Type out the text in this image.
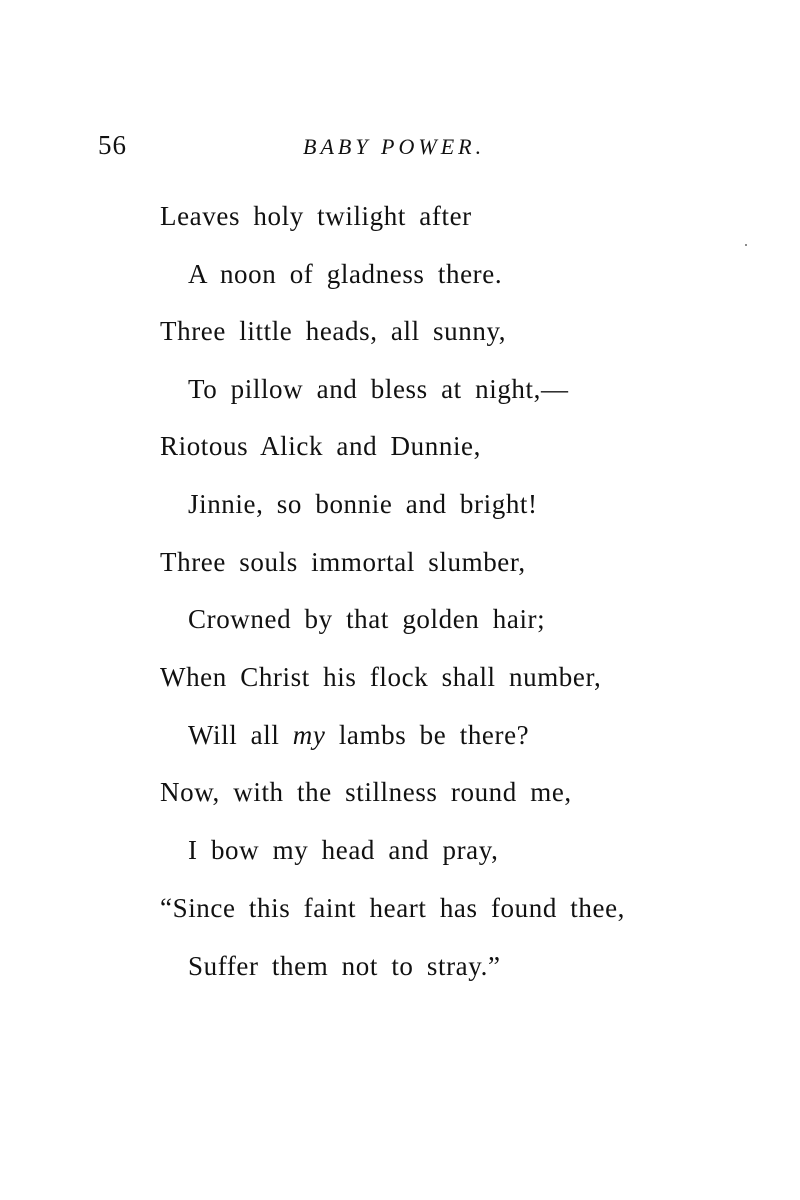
56	BABY POWER.
Leaves holy twilight after
A noon of gladness there.
Three little heads, all sunny,
To pillow and bless at night,—
Riotous Alick and Dunnie,
Jinnie, so bonnie and bright!
Three souls immortal slumber,
Crowned by that golden hair;
When Christ his flock shall number,
Will all my lambs be there?
Now, with the stillness round me,
I bow my head and pray,
“Since this faint heart has found thee,
Suffer them not to stray.”
